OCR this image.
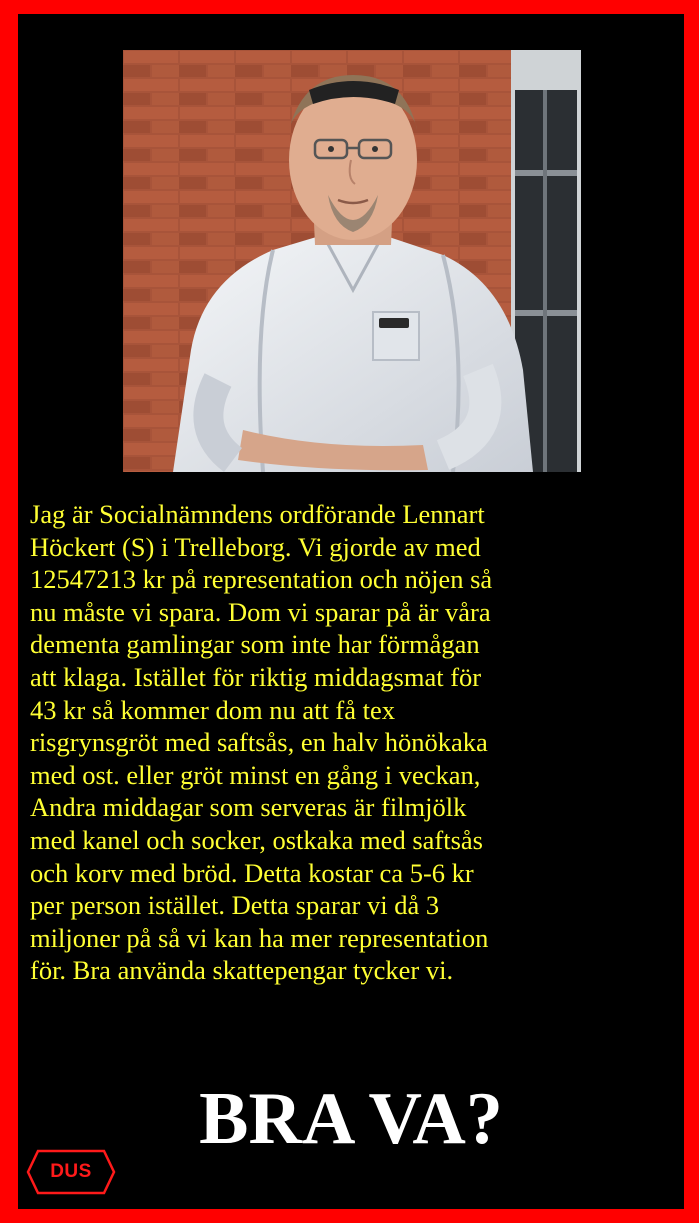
Jag är Socialnämndens ordförande Lennart
Höckert (S) i Trelleborg. Vi gjorde av med
12547213 kr på representation och nöjen så
nu måste vi spara. Dom vi sparar på är våra
dementa gamlingar som inte har förmågan
att klaga. Istället för riktig middagsmat för
43 kr så kommer dom nu att få tex
risgrynsgröt med saftsås, en halv hönökaka
med ost. eller gröt minst en gång i veckan,
Andra middagar som serveras är filmjölk
med kanel och socker, ostkaka med saftsås
och korv med bröd. Detta kostar ca 5-6 kr
per person istället. Detta sparar vi då 3
miljoner på så vi kan ha mer representation
för. Bra använda skattepengar tycker vi.
BRA VA?
DUS
